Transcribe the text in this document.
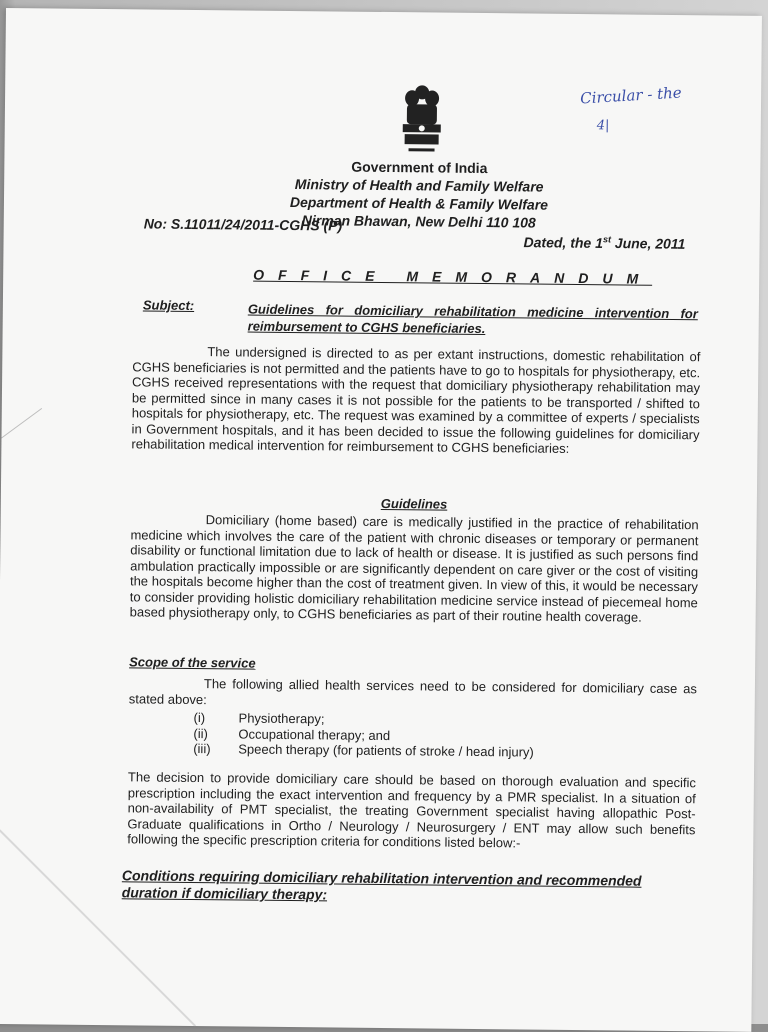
Circular - the
4|
Government of India
Ministry of Health and Family Welfare
Department of Health & Family Welfare
Nirman Bhawan, New Delhi 110 108
No: S.11011/24/2011-CGHS (P)
Dated, the 1st June, 2011
OFFICE MEMORANDUM
Subject:	Guidelines for domiciliary rehabilitation medicine intervention for reimbursement to CGHS beneficiaries.
The undersigned is directed to as per extant instructions, domestic rehabilitation of CGHS beneficiaries is not permitted and the patients have to go to hospitals for physiotherapy, etc. CGHS received representations with the request that domiciliary physiotherapy rehabilitation may be permitted since in many cases it is not possible for the patients to be transported / shifted to hospitals for physiotherapy, etc. The request was examined by a committee of experts / specialists in Government hospitals, and it has been decided to issue the following guidelines for domiciliary rehabilitation medical intervention for reimbursement to CGHS beneficiaries:
Guidelines
Domiciliary (home based) care is medically justified in the practice of rehabilitation medicine which involves the care of the patient with chronic diseases or temporary or permanent disability or functional limitation due to lack of health or disease. It is justified as such persons find ambulation practically impossible or are significantly dependent on care giver or the cost of visiting the hospitals become higher than the cost of treatment given. In view of this, it would be necessary to consider providing holistic domiciliary rehabilitation medicine service instead of piecemeal home based physiotherapy only, to CGHS beneficiaries as part of their routine health coverage.
Scope of the service
The following allied health services need to be considered for domiciliary case as stated above:
(i)	Physiotherapy;
(ii)	Occupational therapy; and
(iii)	Speech therapy (for patients of stroke / head injury)
The decision to provide domiciliary care should be based on thorough evaluation and specific prescription including the exact intervention and frequency by a PMR specialist. In a situation of non-availability of PMT specialist, the treating Government specialist having allopathic Post-Graduate qualifications in Ortho / Neurology / Neurosurgery / ENT may allow such benefits following the specific prescription criteria for conditions listed below:-
Conditions requiring domiciliary rehabilitation intervention and recommended duration if domiciliary therapy:
